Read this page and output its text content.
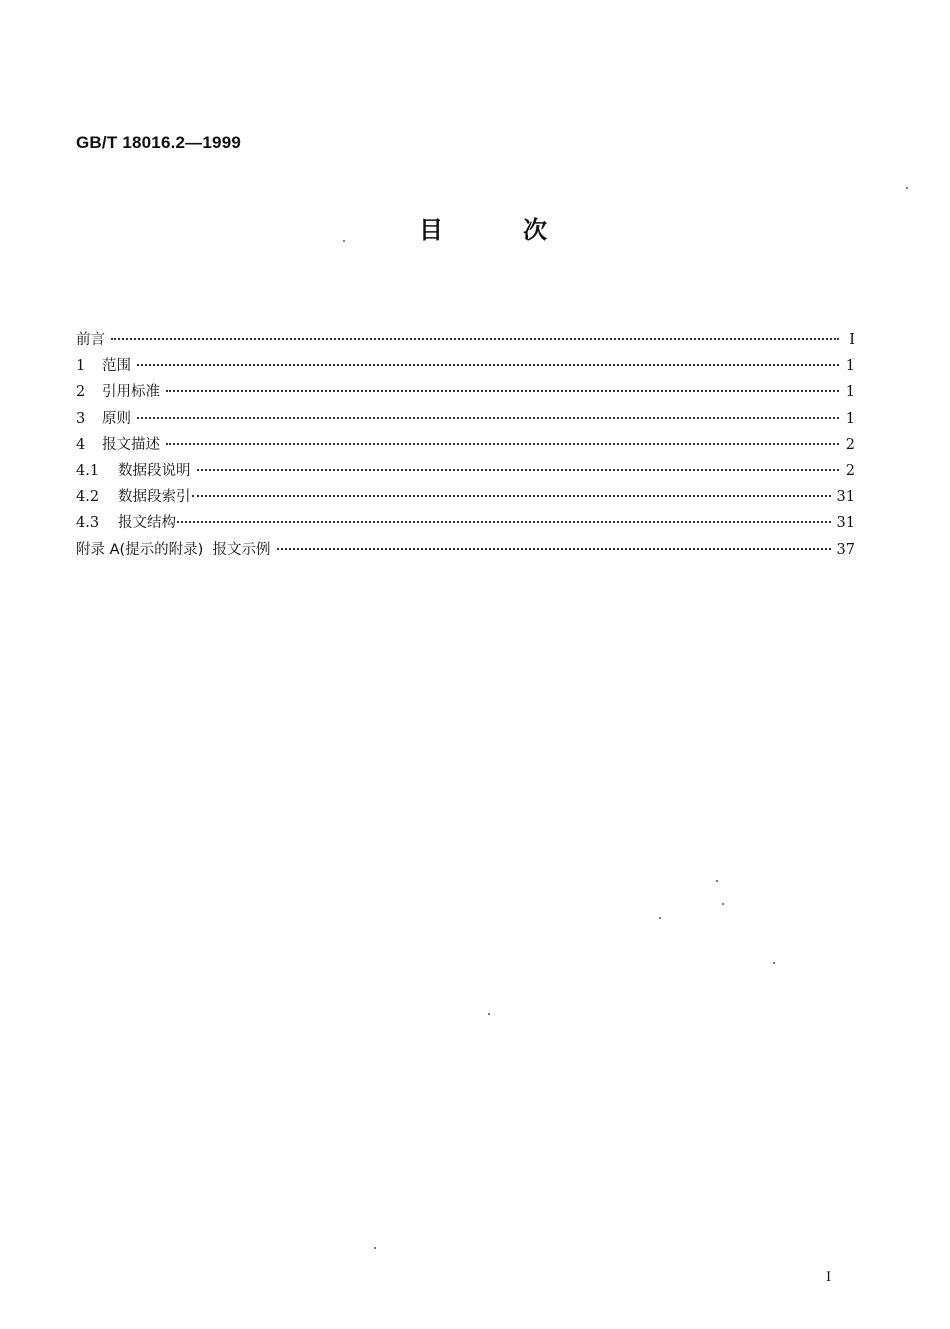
GB/T 18016.2—1999
目	次
前言	Ⅰ
1	范围	1
2	引用标准	1
3	原则	1
4	报文描述	2
4.1	数据段说明	2
4.2	数据段索引	31
4.3	报文结构	31
附录 A(提示的附录)  报文示例	37
I
